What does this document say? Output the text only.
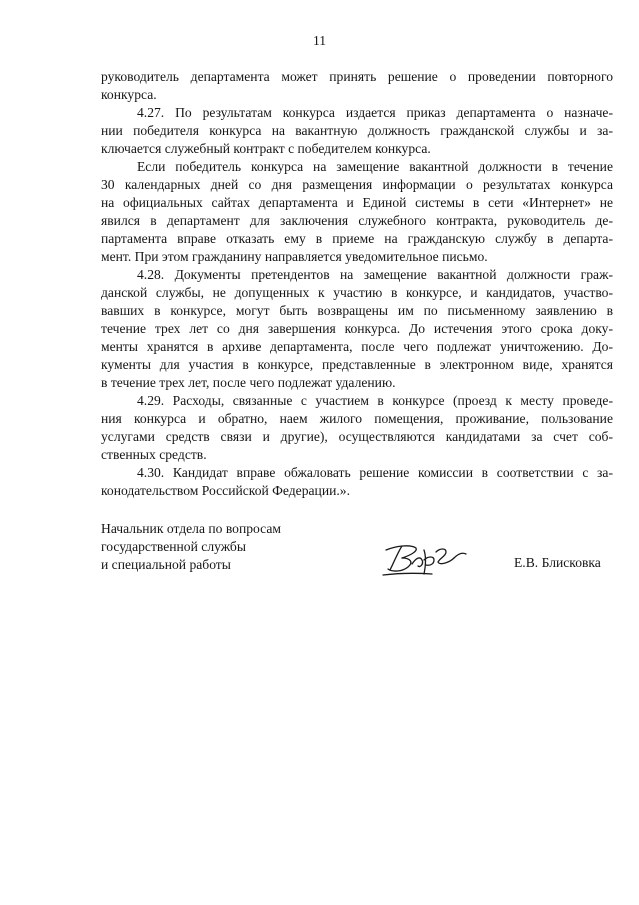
11
руководитель департамента может принять решение о проведении повторного
конкурса.
4.27. По результатам конкурса издается приказ департамента о назначе-
нии победителя конкурса на вакантную должность гражданской службы и за-
ключается служебный контракт с победителем конкурса.
Если победитель конкурса на замещение вакантной должности в течение
30 календарных дней со дня размещения информации о результатах конкурса
на официальных сайтах департамента и Единой системы в сети «Интернет» не
явился в департамент для заключения служебного контракта, руководитель де-
партамента вправе отказать ему в приеме на гражданскую службу в департа-
мент. При этом гражданину направляется уведомительное письмо.
4.28. Документы претендентов на замещение вакантной должности граж-
данской службы, не допущенных к участию в конкурсе, и кандидатов, участво-
вавших в конкурсе, могут быть возвращены им по письменному заявлению в
течение трех лет со дня завершения конкурса. До истечения этого срока доку-
менты хранятся в архиве департамента, после чего подлежат уничтожению. До-
кументы для участия в конкурсе, представленные в электронном виде, хранятся
в течение трех лет, после чего подлежат удалению.
4.29. Расходы, связанные с участием в конкурсе (проезд к месту проведе-
ния конкурса и обратно, наем жилого помещения, проживание, пользование
услугами средств связи и другие), осуществляются кандидатами за счет соб-
ственных средств.
4.30. Кандидат вправе обжаловать решение комиссии в соответствии с за-
конодательством Российской Федерации.».
Начальник отдела по вопросам
государственной службы
и специальной работы	Е.В. Блисковка
